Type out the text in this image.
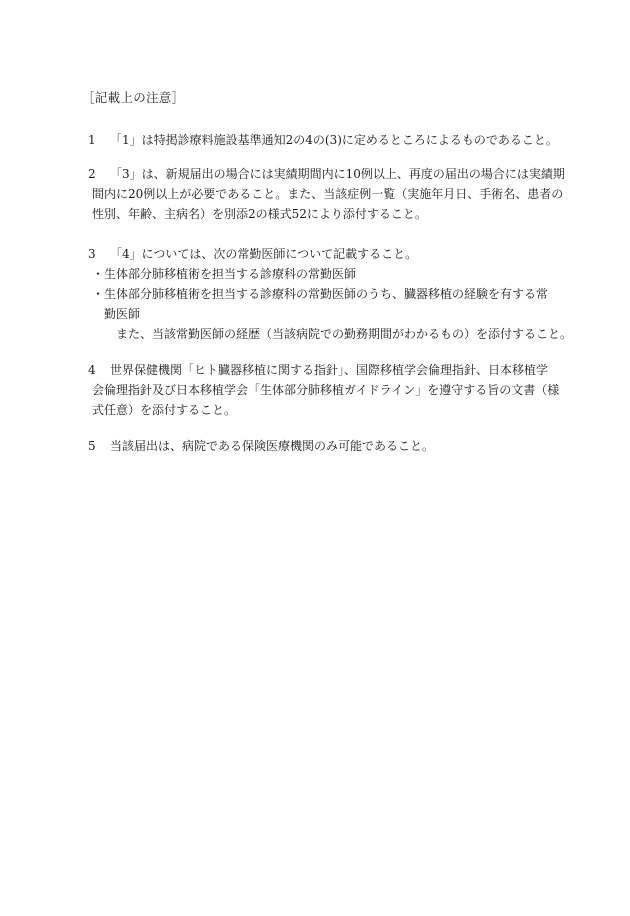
［記載上の注意］
1 「1」は特掲診療料施設基準通知2の4の(3)に定めるところによるものであること。
2 「3」は、新規届出の場合には実績期間内に10例以上、再度の届出の場合には実績期
間内に20例以上が必要であること。また、当該症例一覧（実施年月日、手術名、患者の
性別、年齢、主病名）を別添2の様式52により添付すること。
3 「4」については、次の常勤医師について記載すること。
・生体部分肺移植術を担当する診療科の常勤医師
・生体部分肺移植術を担当する診療科の常勤医師のうち、臓器移植の経験を有する常
勤医師
また、当該常勤医師の経歴（当該病院での勤務期間がわかるもの）を添付すること。
4 世界保健機関「ヒト臓器移植に関する指針」、国際移植学会倫理指針、日本移植学
会倫理指針及び日本移植学会「生体部分肺移植ガイドライン」を遵守する旨の文書（様
式任意）を添付すること。
5 当該届出は、病院である保険医療機関のみ可能であること。
